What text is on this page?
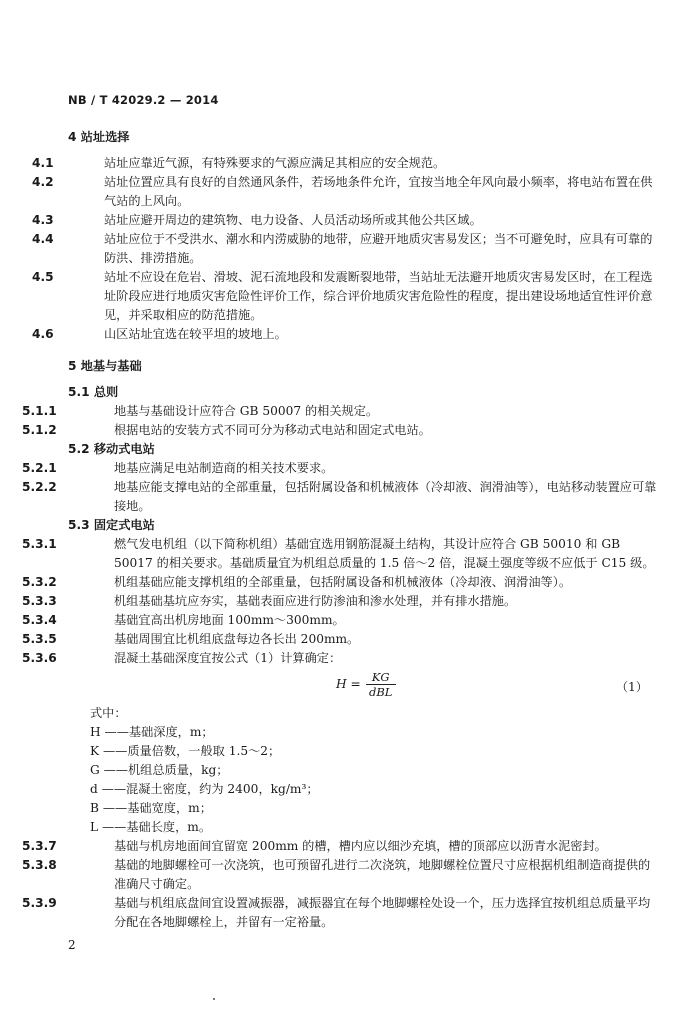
NB / T 42029.2 — 2014

4 站址选择

4.1	站址应靠近气源，有特殊要求的气源应满足其相应的安全规范。

4.2	站址位置应具有良好的自然通风条件，若场地条件允许，宜按当地全年风向最小频率，将电站布置在供气站的上风向。

4.3	站址应避开周边的建筑物、电力设备、人员活动场所或其他公共区域。

4.4	站址应位于不受洪水、潮水和内涝威胁的地带，应避开地质灾害易发区；当不可避免时，应具有可靠的防洪、排涝措施。

4.5	站址不应设在危岩、滑坡、泥石流地段和发震断裂地带，当站址无法避开地质灾害易发区时，在工程选址阶段应进行地质灾害危险性评价工作，综合评价地质灾害危险性的程度，提出建设场地适宜性评价意见，并采取相应的防范措施。

4.6	山区站址宜选在较平坦的坡地上。

5 地基与基础

5.1 总则

5.1.1	地基与基础设计应符合 GB 50007 的相关规定。

5.1.2	根据电站的安装方式不同可分为移动式电站和固定式电站。

5.2 移动式电站

5.2.1	地基应满足电站制造商的相关技术要求。

5.2.2	地基应能支撑电站的全部重量，包括附属设备和机械液体（冷却液、润滑油等），电站移动装置应可靠接地。

5.3 固定式电站

5.3.1	燃气发电机组（以下简称机组）基础宜选用钢筋混凝土结构，其设计应符合 GB 50010 和 GB 50017 的相关要求。基础质量宜为机组总质量的 1.5 倍～2 倍，混凝土强度等级不应低于 C15 级。

5.3.2	机组基础应能支撑机组的全部重量，包括附属设备和机械液体（冷却液、润滑油等）。

5.3.3	机组基础基坑应夯实，基础表面应进行防渗油和渗水处理，并有排水措施。

5.3.4	基础宜高出机房地面 100mm～300mm。

5.3.5	基础周围宜比机组底盘每边各长出 200mm。

5.3.6	混凝土基础深度宜按公式（1）计算确定：

$H = \frac{KG}{\text{dBL}}$	（1）

式中：

H ——基础深度，m；

K ——质量倍数，一般取 1.5～2；

G ——机组总质量，kg；

d ——混凝土密度，约为 2400，kg/m³；

B ——基础宽度，m；

L ——基础长度，m。

5.3.7	基础与机房地面间宜留宽 200mm 的槽，槽内应以细沙充填，槽的顶部应以沥青水泥密封。

5.3.8	基础的地脚螺栓可一次浇筑，也可预留孔进行二次浇筑，地脚螺栓位置尺寸应根据机组制造商提供的准确尺寸确定。

5.3.9	基础与机组底盘间宜设置减振器，减振器宜在每个地脚螺栓处设一个，压力选择宜按机组总质量平均分配在各地脚螺栓上，并留有一定裕量。

2
